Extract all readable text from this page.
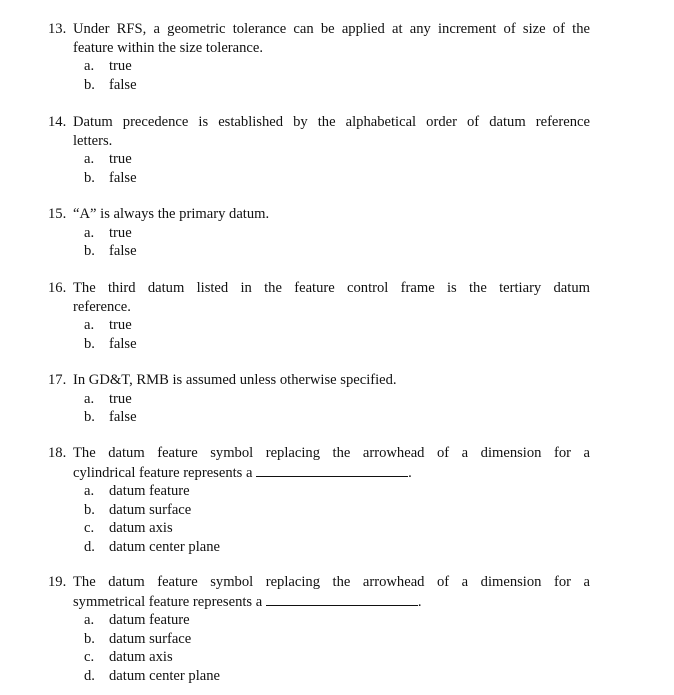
13. Under RFS, a geometric tolerance can be applied at any increment of size of the
feature within the size tolerance.
a.	true
b. false
14. Datum precedence is established by the alphabetical order of datum reference
letters.
a.	true
b. false
15. “A” is always the primary datum.
a.	true
b. false
16. The third datum listed in the feature control frame is the tertiary datum
reference.
a.	true
b. false
17. In GD&T, RMB is assumed unless otherwise specified.
a.	true
b. false
18. The datum feature symbol replacing the arrowhead of a dimension for a
cylindrical feature represents a	.
a.	datum feature
b. datum surface
c.	datum axis
d. datum center plane
19. The datum feature symbol replacing the arrowhead of a dimension for a
symmetrical feature represents a	.
a.	datum feature
b. datum surface
c.	datum axis
d. datum center plane
